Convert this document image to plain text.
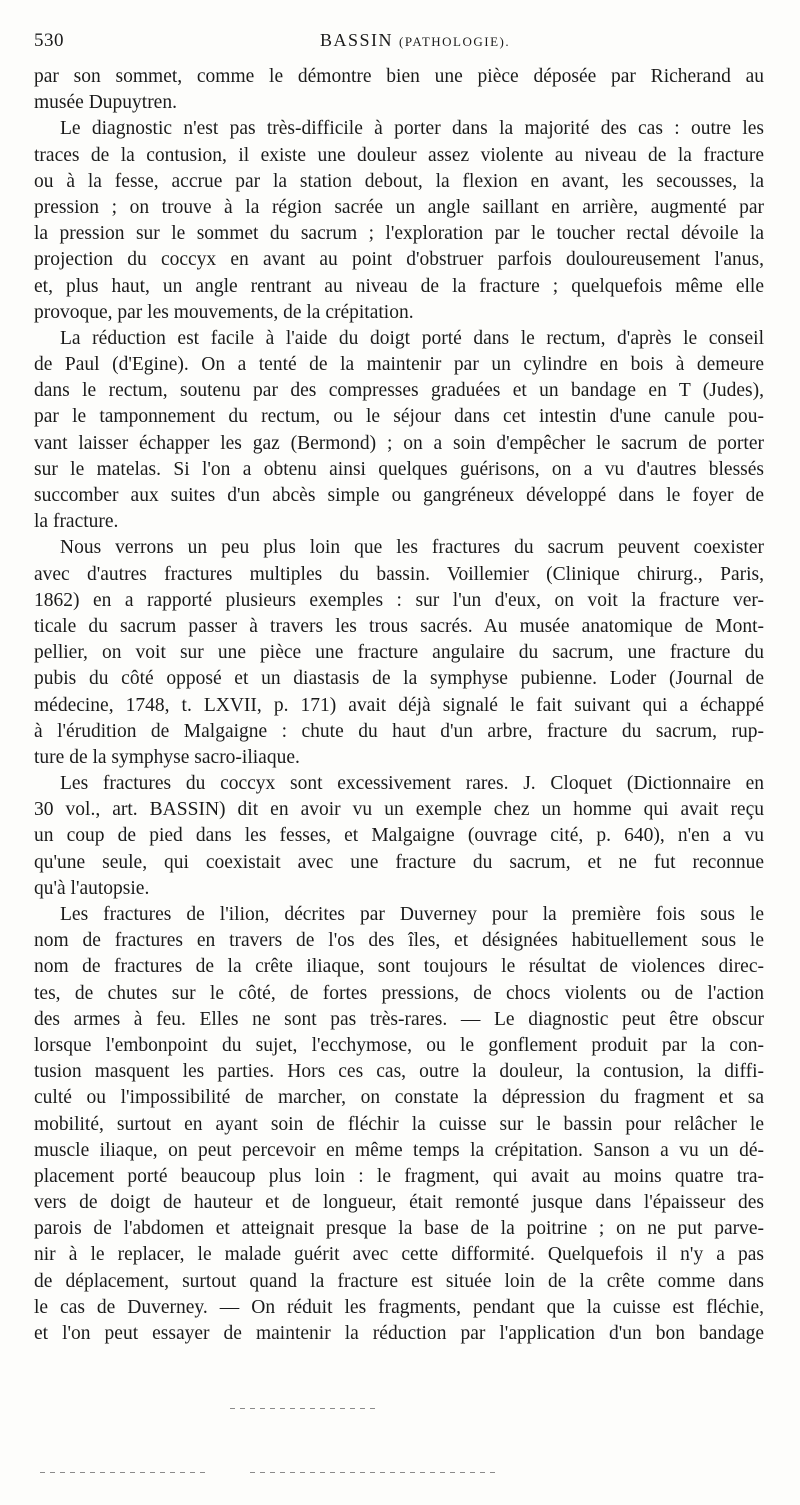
530	BASSIN (PATHOLOGIE).
par son sommet, comme le démontre bien une pièce déposée par Richerand au
musée Dupuytren.
Le diagnostic n'est pas très-difficile à porter dans la majorité des cas : outre les
traces de la contusion, il existe une douleur assez violente au niveau de la fracture
ou à la fesse, accrue par la station debout, la flexion en avant, les secousses, la
pression ; on trouve à la région sacrée un angle saillant en arrière, augmenté par
la pression sur le sommet du sacrum ; l'exploration par le toucher rectal dévoile la
projection du coccyx en avant au point d'obstruer parfois douloureusement l'anus,
et, plus haut, un angle rentrant au niveau de la fracture ; quelquefois même elle
provoque, par les mouvements, de la crépitation.
La réduction est facile à l'aide du doigt porté dans le rectum, d'après le conseil
de Paul (d'Egine). On a tenté de la maintenir par un cylindre en bois à demeure
dans le rectum, soutenu par des compresses graduées et un bandage en T (Judes),
par le tamponnement du rectum, ou le séjour dans cet intestin d'une canule pou-
vant laisser échapper les gaz (Bermond) ; on a soin d'empêcher le sacrum de porter
sur le matelas. Si l'on a obtenu ainsi quelques guérisons, on a vu d'autres blessés
succomber aux suites d'un abcès simple ou gangréneux développé dans le foyer de
la fracture.
Nous verrons un peu plus loin que les fractures du sacrum peuvent coexister
avec d'autres fractures multiples du bassin. Voillemier (Clinique chirurg., Paris,
1862) en a rapporté plusieurs exemples : sur l'un d'eux, on voit la fracture ver-
ticale du sacrum passer à travers les trous sacrés. Au musée anatomique de Mont-
pellier, on voit sur une pièce une fracture angulaire du sacrum, une fracture du
pubis du côté opposé et un diastasis de la symphyse pubienne. Loder (Journal de
médecine, 1748, t. LXVII, p. 171) avait déjà signalé le fait suivant qui a échappé
à l'érudition de Malgaigne : chute du haut d'un arbre, fracture du sacrum, rup-
ture de la symphyse sacro-iliaque.
Les fractures du coccyx sont excessivement rares. J. Cloquet (Dictionnaire en
30 vol., art. BASSIN) dit en avoir vu un exemple chez un homme qui avait reçu
un coup de pied dans les fesses, et Malgaigne (ouvrage cité, p. 640), n'en a vu
qu'une seule, qui coexistait avec une fracture du sacrum, et ne fut reconnue
qu'à l'autopsie.
Les fractures de l'ilion, décrites par Duverney pour la première fois sous le
nom de fractures en travers de l'os des îles, et désignées habituellement sous le
nom de fractures de la crête iliaque, sont toujours le résultat de violences direc-
tes, de chutes sur le côté, de fortes pressions, de chocs violents ou de l'action
des armes à feu. Elles ne sont pas très-rares. — Le diagnostic peut être obscur
lorsque l'embonpoint du sujet, l'ecchymose, ou le gonflement produit par la con-
tusion masquent les parties. Hors ces cas, outre la douleur, la contusion, la diffi-
culté ou l'impossibilité de marcher, on constate la dépression du fragment et sa
mobilité, surtout en ayant soin de fléchir la cuisse sur le bassin pour relâcher le
muscle iliaque, on peut percevoir en même temps la crépitation. Sanson a vu un dé-
placement porté beaucoup plus loin : le fragment, qui avait au moins quatre tra-
vers de doigt de hauteur et de longueur, était remonté jusque dans l'épaisseur des
parois de l'abdomen et atteignait presque la base de la poitrine ; on ne put parve-
nir à le replacer, le malade guérit avec cette difformité. Quelquefois il n'y a pas
de déplacement, surtout quand la fracture est située loin de la crête comme dans
le cas de Duverney. — On réduit les fragments, pendant que la cuisse est fléchie,
et l'on peut essayer de maintenir la réduction par l'application d'un bon bandage
